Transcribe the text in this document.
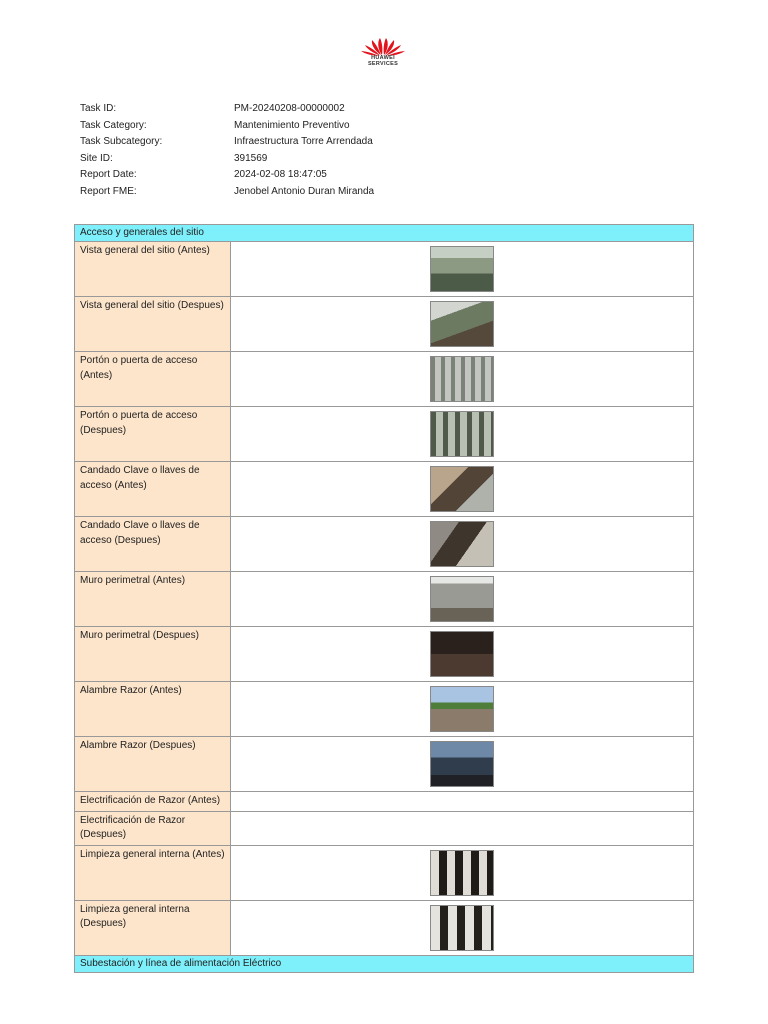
HUAWEI
SERVICES
Task ID:	PM-20240208-00000002
Task Category:	Mantenimiento Preventivo
Task Subcategory:	Infraestructura Torre Arrendada
Site ID:	391569
Report Date:	2024-02-08 18:47:05
Report FME:	Jenobel Antonio Duran Miranda
Acceso y generales del sitio	
Vista general del sitio (Antes)	
Vista general del sitio (Despues)	
Portón o puerta de acceso (Antes)	
Portón o puerta de acceso (Despues)	
Candado Clave o llaves de acceso (Antes)	
Candado Clave o llaves de acceso (Despues)	
Muro perimetral (Antes)	
Muro perimetral (Despues)	
Alambre Razor (Antes)	
Alambre Razor (Despues)	
Electrificación de Razor (Antes)	
Electrificación de Razor (Despues)	
Limpieza general interna (Antes)	
Limpieza general interna (Despues)	
Subestación y línea de alimentación Eléctrico	
